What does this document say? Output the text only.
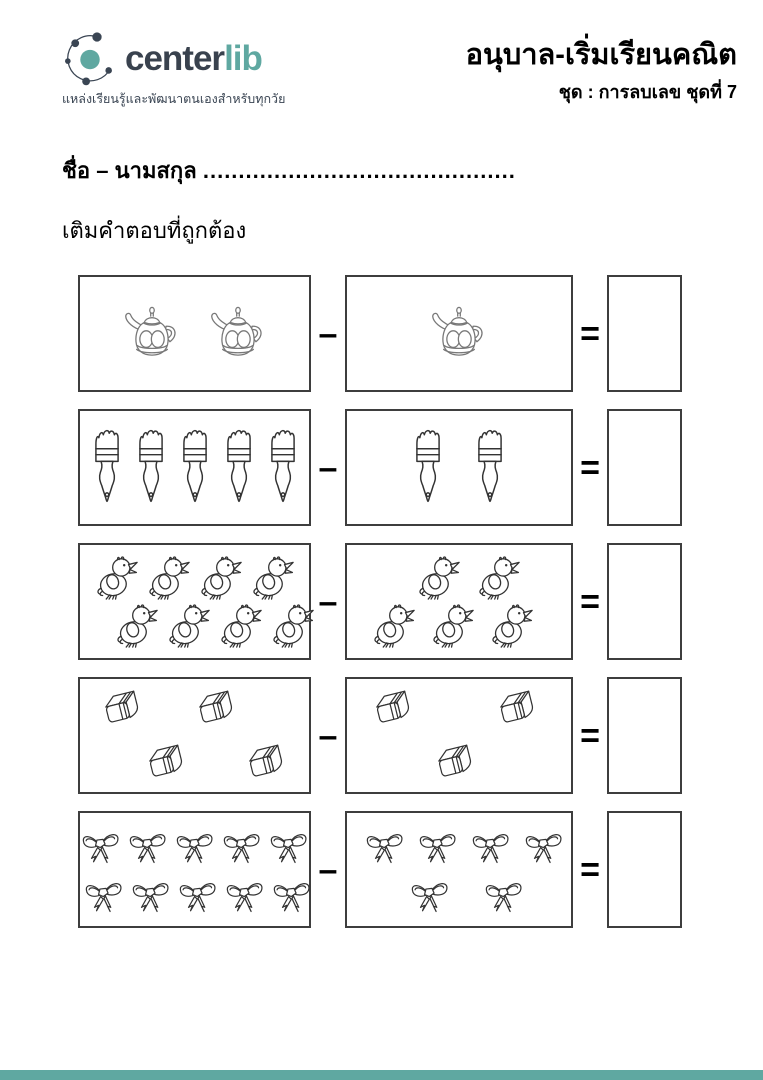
centerlib
แหล่งเรียนรู้และพัฒนาตนเองสำหรับทุกวัย
อนุบาล-เริ่มเรียนคณิต
ชุด : การลบเลข ชุดที่ 7
ชื่อ – นามสกุล ............................................
เติมคำตอบที่ถูกต้อง
–	=
–	=
–	=
–	=
–	=
